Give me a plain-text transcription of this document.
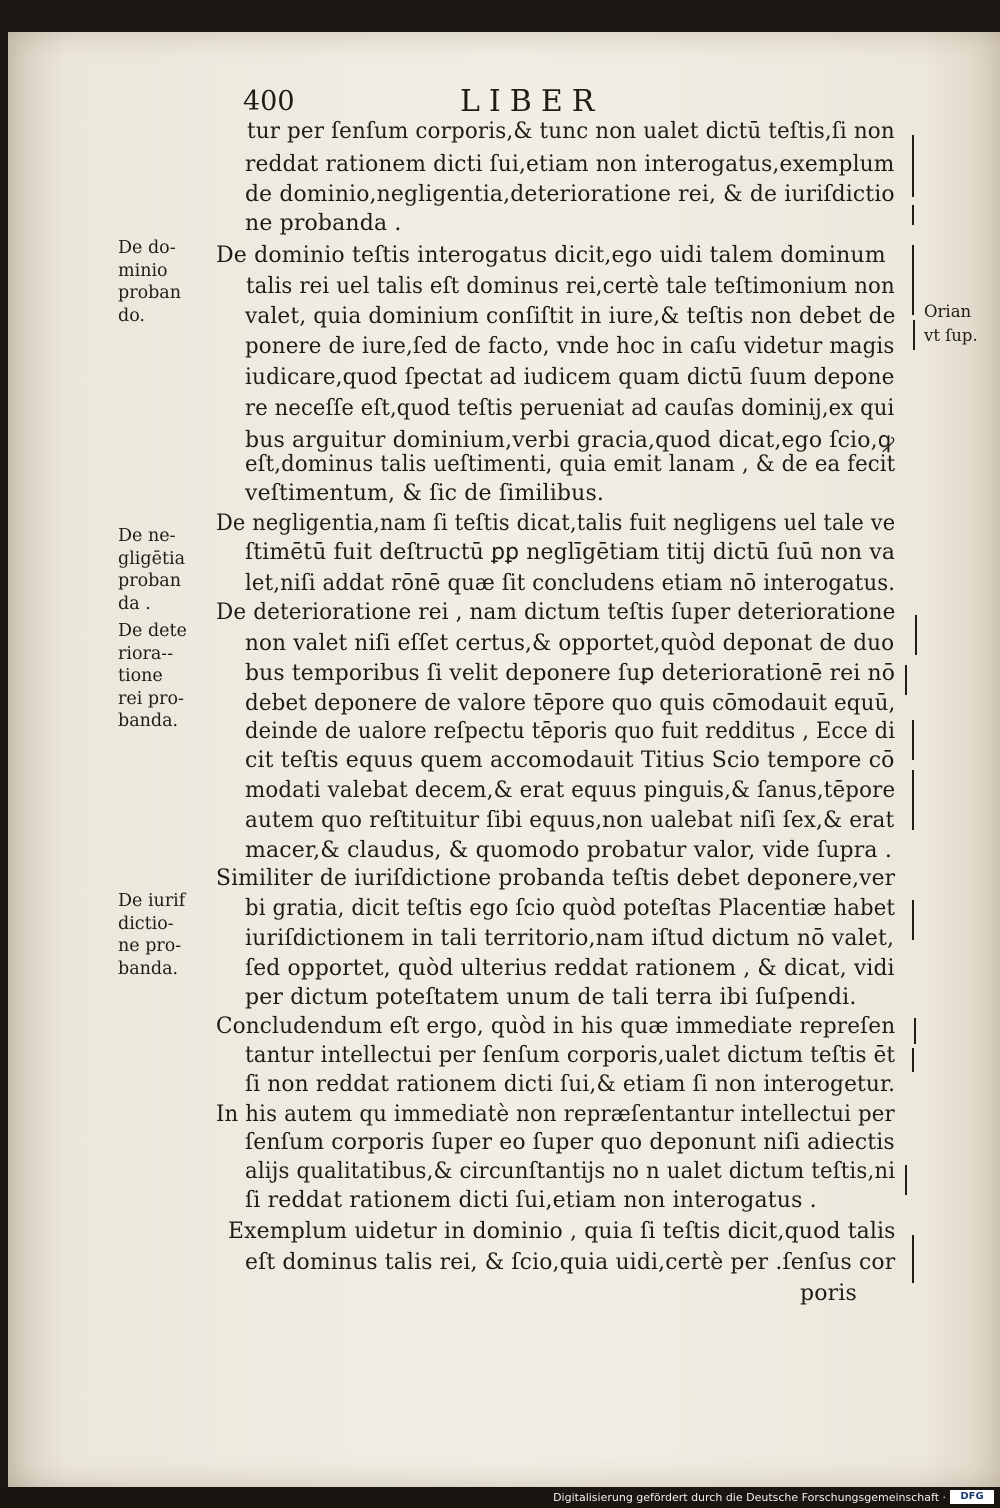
400	LIBER
tur per ſenſum corporis,& tunc non ualet dictū teſtis,ſi non
reddat rationem dicti ſui,etiam non interogatus,exemplum
de dominio,negligentia,deterioratione rei, & de iuriſdictio
ne probanda .
De dominio teſtis interogatus dicit,ego uidi talem dominum
talis rei uel talis eſt dominus rei,certè tale teſtimonium non
valet, quia dominium conſiſtit in iure,& teſtis non debet de
ponere de iure,ſed de facto, vnde hoc in caſu videtur magis
iudicare,quod ſpectat ad iudicem quam dictū ſuum depone
re neceſſe eſt,quod teſtis perueniat ad cauſas dominij,ex qui
bus arguitur dominium,verbi gracia,quod dicat,ego ſcio,ꝙ
eſt,dominus talis ueſtimenti, quia emit lanam , & de ea fecit
veſtimentum, & ſic de ſimilibus.
De negligentia,nam ſi teſtis dicat,talis fuit negligens uel tale ve
ſtimētū fuit deſtructū ꝑꝑ neglīgētiam titij dictū ſuū non va
let,niſi addat rōnē quæ ſit concludens etiam nō interogatus.
De deterioratione rei , nam dictum teſtis ſuper deterioratione
non valet niſi eſſet certus,& opportet,quòd deponat de duo
bus temporibus ſi velit deponere ſuꝑ deteriorationē rei nō
debet deponere de valore tēpore quo quis cōmodauit equū,
deinde de ualore reſpectu tēporis quo fuit redditus , Ecce di
cit teſtis equus quem accomodauit Titius Scio tempore cō
modati valebat decem,& erat equus pinguis,& ſanus,tēpore
autem quo reſtituitur ſibi equus,non ualebat niſi ſex,& erat
macer,& claudus, & quomodo probatur valor, vide ſupra .
Similiter de iuriſdictione probanda teſtis debet deponere,ver
bi gratia, dicit teſtis ego ſcio quòd poteſtas Placentiæ habet
iuriſdictionem in tali territorio,nam iſtud dictum nō valet,
ſed opportet, quòd ulterius reddat rationem , & dicat, vidi
per dictum poteſtatem unum de tali terra ibi ſuſpendi.
Concludendum eſt ergo, quòd in his quæ immediate repreſen
tantur intellectui per ſenſum corporis,ualet dictum teſtis ēt
ſi non reddat rationem dicti ſui,& etiam ſi non interogetur.
In his autem qu immediatè non repræſentantur intellectui per
ſenſum corporis ſuper eo ſuper quo deponunt niſi adiectis
alijs qualitatibus,& circunſtantijs no n ualet dictum teſtis,ni
ſi reddat rationem dicti ſui,etiam non interogatus .
Exemplum uidetur in dominio , quia ſi teſtis dicit,quod talis
eſt dominus talis rei, & ſcio,quia uidi,certè per .ſenſus cor
poris
De do-
minio
proban
do.
De ne-
gligētia
proban
da .
De dete
riora--
tione
rei pro-
banda.
De iurif
dictio-
ne pro-
banda.
Orian
vt ſup.
Digitalisierung gefördert durch die Deutsche Forschungsgemeinschaft ·	DFG
